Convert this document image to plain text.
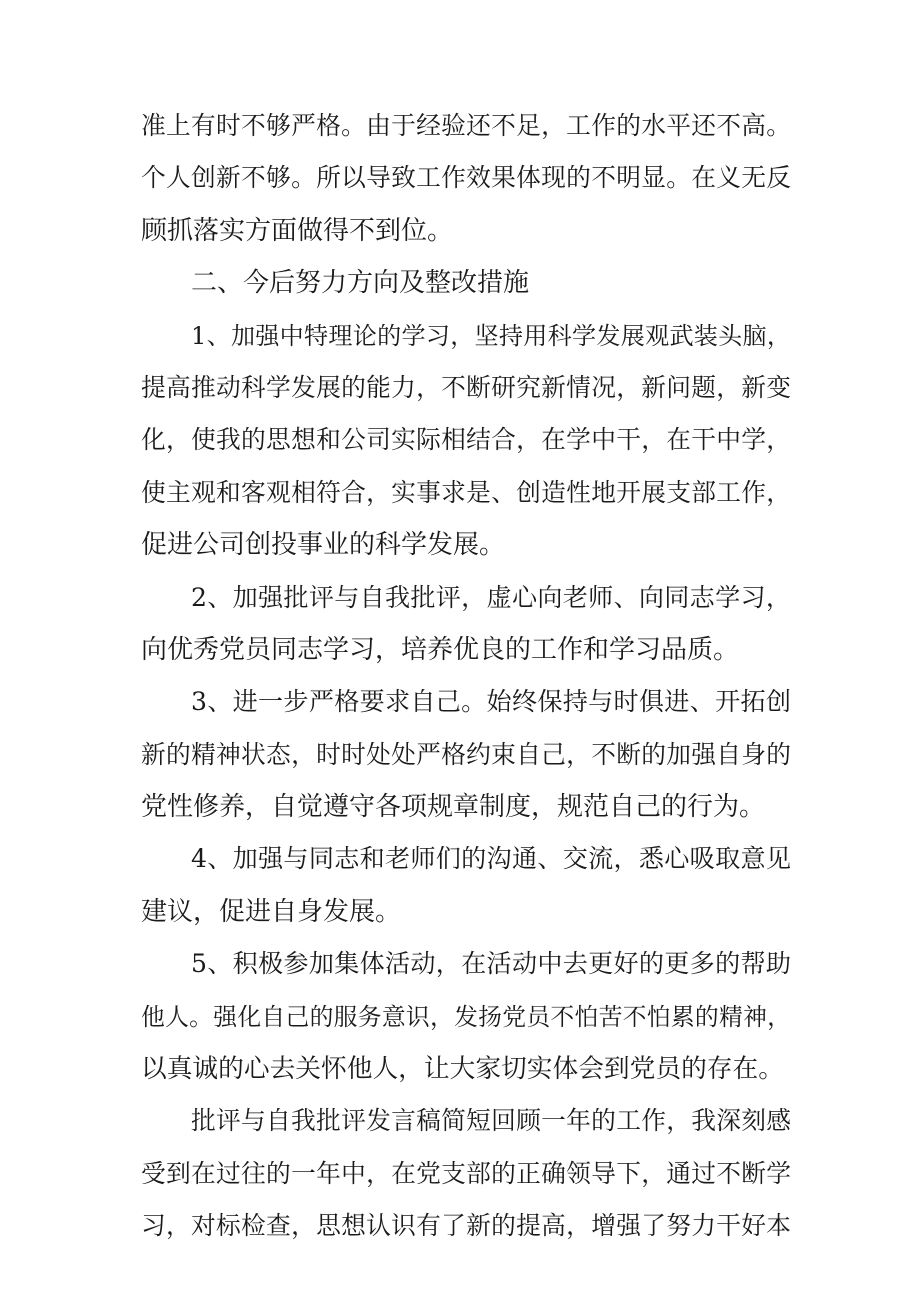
准上有时不够严格。由于经验还不足，工作的水平还不高。
个人创新不够。所以导致工作效果体现的不明显。在义无反
顾抓落实方面做得不到位。
二、今后努力方向及整改措施
1、加强中特理论的学习，坚持用科学发展观武装头脑，
提高推动科学发展的能力，不断研究新情况，新问题，新变
化，使我的思想和公司实际相结合，在学中干，在干中学，
使主观和客观相符合，实事求是、创造性地开展支部工作，
促进公司创投事业的科学发展。
2、加强批评与自我批评，虚心向老师、向同志学习，
向优秀党员同志学习，培养优良的工作和学习品质。
3、进一步严格要求自己。始终保持与时俱进、开拓创
新的精神状态，时时处处严格约束自己，不断的加强自身的
党性修养，自觉遵守各项规章制度，规范自己的行为。
4、加强与同志和老师们的沟通、交流，悉心吸取意见
建议，促进自身发展。
5、积极参加集体活动，在活动中去更好的更多的帮助
他人。强化自己的服务意识，发扬党员不怕苦不怕累的精神，
以真诚的心去关怀他人，让大家切实体会到党员的存在。
批评与自我批评发言稿简短回顾一年的工作，我深刻感
受到在过往的一年中，在党支部的正确领导下，通过不断学
习，对标检查，思想认识有了新的提高，增强了努力干好本
